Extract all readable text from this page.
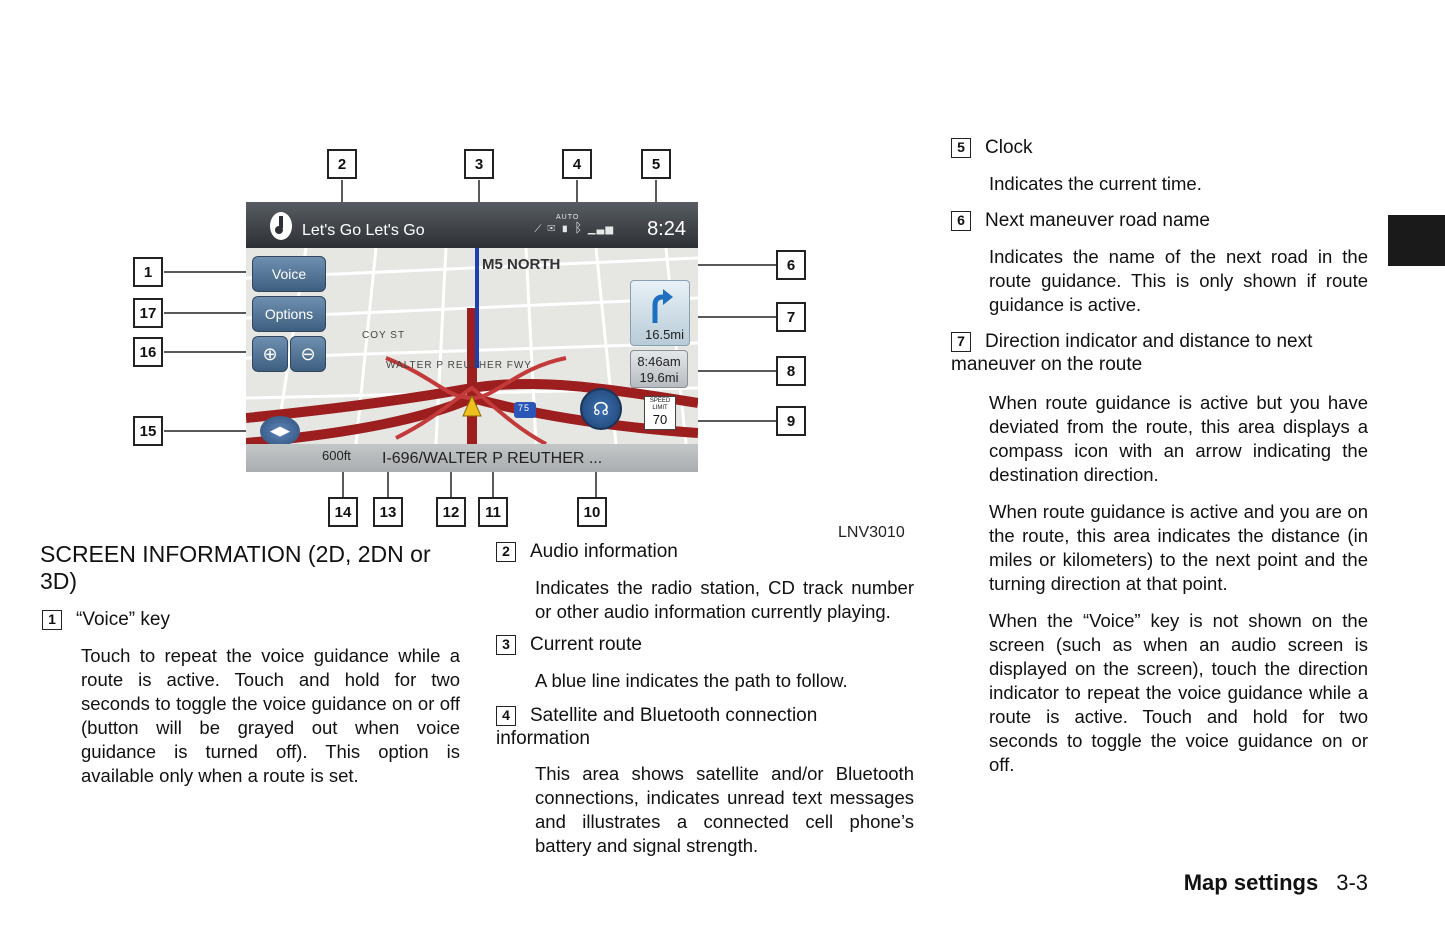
Let's Go Let's Go
AUTO
⟋ ✉ ▮ ᛒ ▁▃▅ 8:24
M5 NORTH
Voice
Options
⊕	⊖
COY ST
WALTER P REUTHER FWY
75
16.5mi
8:46am
19.6mi
SPEED LIMIT
70
☊
◀▶
600ft I-696/WALTER P REUTHER ...
1
2	3	4	5
6
7
8
9
10
11
12
13
14
15
16
17
LNV3010
SCREEN INFORMATION (2D, 2DN or 3D)
1 “Voice” key
Touch to repeat the voice guidance while a route is active. Touch and hold for two seconds to toggle the voice guidance on or off (button will be grayed out when voice guidance is turned off). This option is available only when a route is set.
2 Audio information
Indicates the radio station, CD track number or other audio information currently playing.
3 Current route
A blue line indicates the path to follow.
4 Satellite and Bluetooth connection information
This area shows satellite and/or Bluetooth connections, indicates unread text messages and illustrates a connected cell phone’s battery and signal strength.
5 Clock
Indicates the current time.
6 Next maneuver road name
Indicates the name of the next road in the route guidance. This is only shown if route guidance is active.
7 Direction indicator and distance to next maneuver on the route
When route guidance is active but you have deviated from the route, this area displays a compass icon with an arrow indicating the destination direction.
When route guidance is active and you are on the route, this area indicates the distance (in miles or kilometers) to the next point and the turning direction at that point.
When the “Voice” key is not shown on the screen (such as when an audio screen is displayed on the screen), touch the direction indicator to repeat the voice guidance while a route is active. Touch and hold for two seconds to toggle the voice guidance on or off.
Map settings 3-3
